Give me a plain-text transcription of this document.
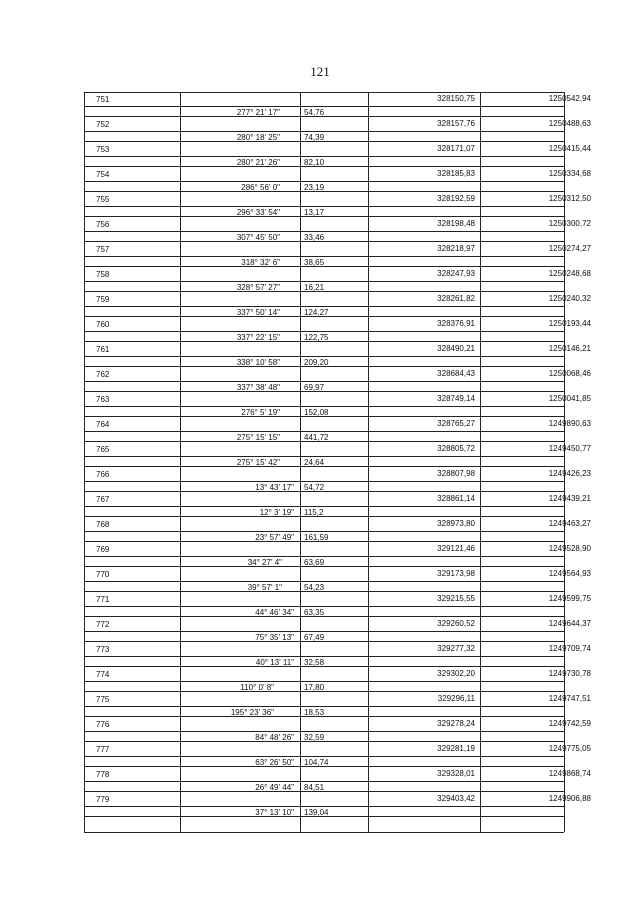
121
751
277° 21' 17"	54,76
328150,75	1250542,94
752
280° 18' 25"	74,39
328157,76	1250488,63
753
280° 21' 26"	82,10
328171,07	1250415,44
754
286° 56' 0"	23,19
328185,83	1250334,68
755
296° 33' 54"	13,17
328192,59	1250312,50
756
307° 45' 50"	33,46
328198,48	1250300,72
757
318° 32' 6"	38,65
328218,97	1250274,27
758
328° 57' 27"	16,21
328247,93	1250248,68
759
337° 50' 14"	124,27
328261,82	1250240,32
760
337° 22' 15"	122,75
328376,91	1250193,44
761
338° 10' 58"	209,20
328490,21	1250146,21
762
337° 38' 48"	69,97
328684,43	1250068,46
763
276° 5' 19"	152,08
328749,14	1250041,85
764
275° 15' 15"	441,72
328765,27	1249890,63
765
275° 15' 42"	24,64
328805,72	1249450,77
766
13° 43' 17" 54,72
328807,98	1249426,23
767
12° 3' 19" 115,2
328861,14	1249439,21
768
23° 57' 49" 161,59
328973,80	1249463,27
769
34° 27' 4"	63,69
329121,46	1249528,90
770
39° 57' 1"	54,23
329173,98	1249564,93
771
44° 46' 34" 63,35
329215,55	1249599,75
772
75° 35' 13" 67,49
329260,52	1249644,37
773
40° 13' 11" 32,58
329277,32	1249709,74
774
110° 0' 8"	17,80
329302,20	1249730,78
775
195° 23' 36"	18,53
329296,11	1249747,51
776
84° 48' 26" 32,59
329278,24	1249742,59
777
63° 26' 50" 104,74
329281,19	1249775,05
778
26° 49' 44" 84,51
329328,01	1249868,74
779
37° 13' 10" 139,04
329403,42	1249906,88
